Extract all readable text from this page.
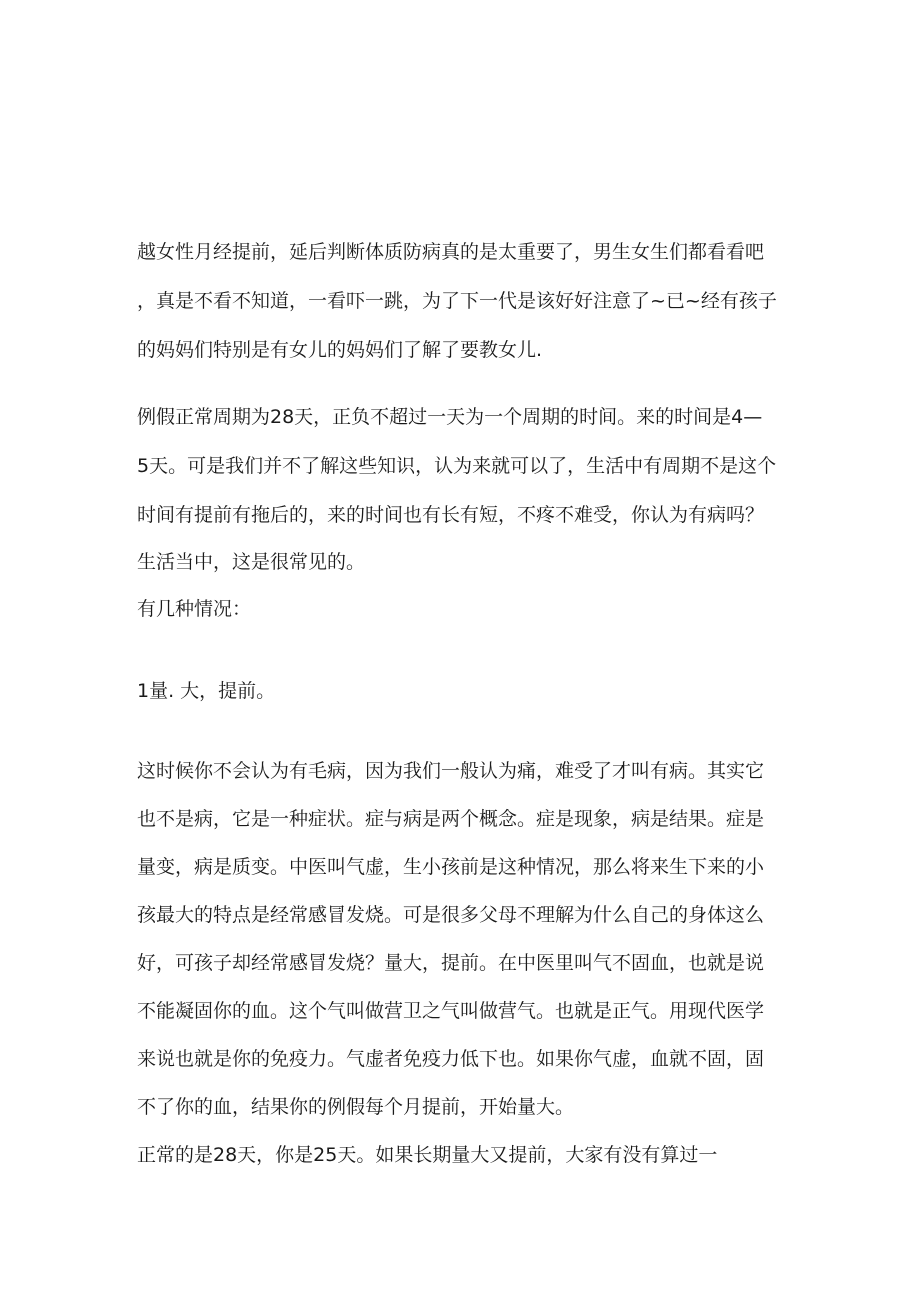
越女性月经提前，延后判断体质防病真的是太重要了，男生女生们都看看吧
，真是不看不知道，一看吓一跳，为了下一代是该好好注意了~已~经有孩子
的妈妈们特别是有女儿的妈妈们了解了要教女儿.
例假正常周期为28天，正负不超过一天为一个周期的时间。来的时间是4—
5天。可是我们并不了解这些知识，认为来就可以了，生活中有周期不是这个
时间有提前有拖后的，来的时间也有长有短，不疼不难受，你认为有病吗？
生活当中，这是很常见的。
有几种情况：
1量. 大，提前。
这时候你不会认为有毛病，因为我们一般认为痛，难受了才叫有病。其实它
也不是病，它是一种症状。症与病是两个概念。症是现象，病是结果。症是
量变，病是质变。中医叫气虚，生小孩前是这种情况，那么将来生下来的小
孩最大的特点是经常感冒发烧。可是很多父母不理解为什么自己的身体这么
好，可孩子却经常感冒发烧？量大，提前。在中医里叫气不固血，也就是说
不能凝固你的血。这个气叫做营卫之气叫做营气。也就是正气。用现代医学
来说也就是你的免疫力。气虚者免疫力低下也。如果你气虚，血就不固，固
不了你的血，结果你的例假每个月提前，开始量大。
正常的是28天，你是25天。如果长期量大又提前，大家有没有算过一
